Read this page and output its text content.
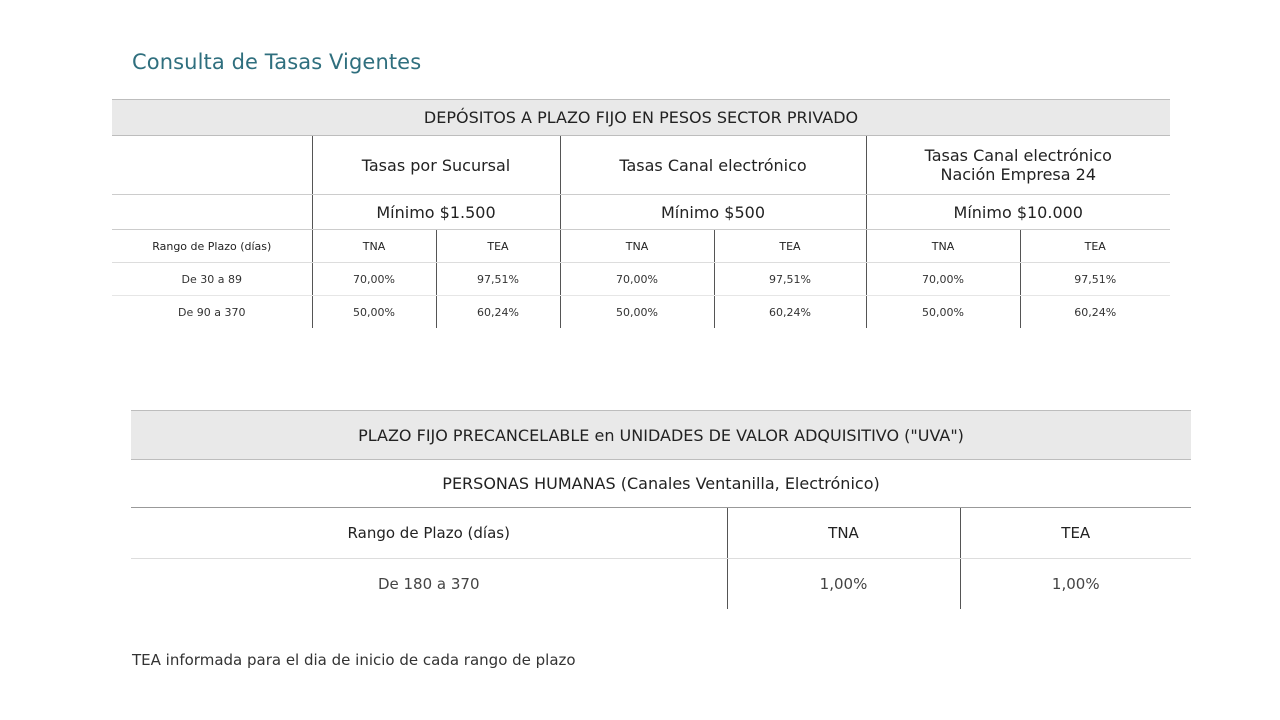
Consulta de Tasas Vigentes
DEPÓSITOS A PLAZO FIJO EN PESOS SECTOR PRIVADO						
	Tasas por Sucursal		Tasas Canal electrónico		Tasas Canal electrónico
Nación Empresa 24	

	Mínimo $1.500		Mínimo $500		Mínimo $10.000	
Rango de Plazo (días)	TNA	TEA	TNA	TEA	TNA	TEA
De 30 a 89	70,00%	97,51%	70,00%	97,51%	70,00%	97,51%
De 90 a 370	50,00%	60,24%	50,00%	60,24%	50,00%	60,24%
PLAZO FIJO PRECANCELABLE en UNIDADES DE VALOR ADQUISITIVO ("UVA")		
PERSONAS HUMANAS (Canales Ventanilla, Electrónico)		
Rango de Plazo (días)	TNA	TEA
De 180 a 370	1,00%	1,00%
TEA informada para el dia de inicio de cada rango de plazo
